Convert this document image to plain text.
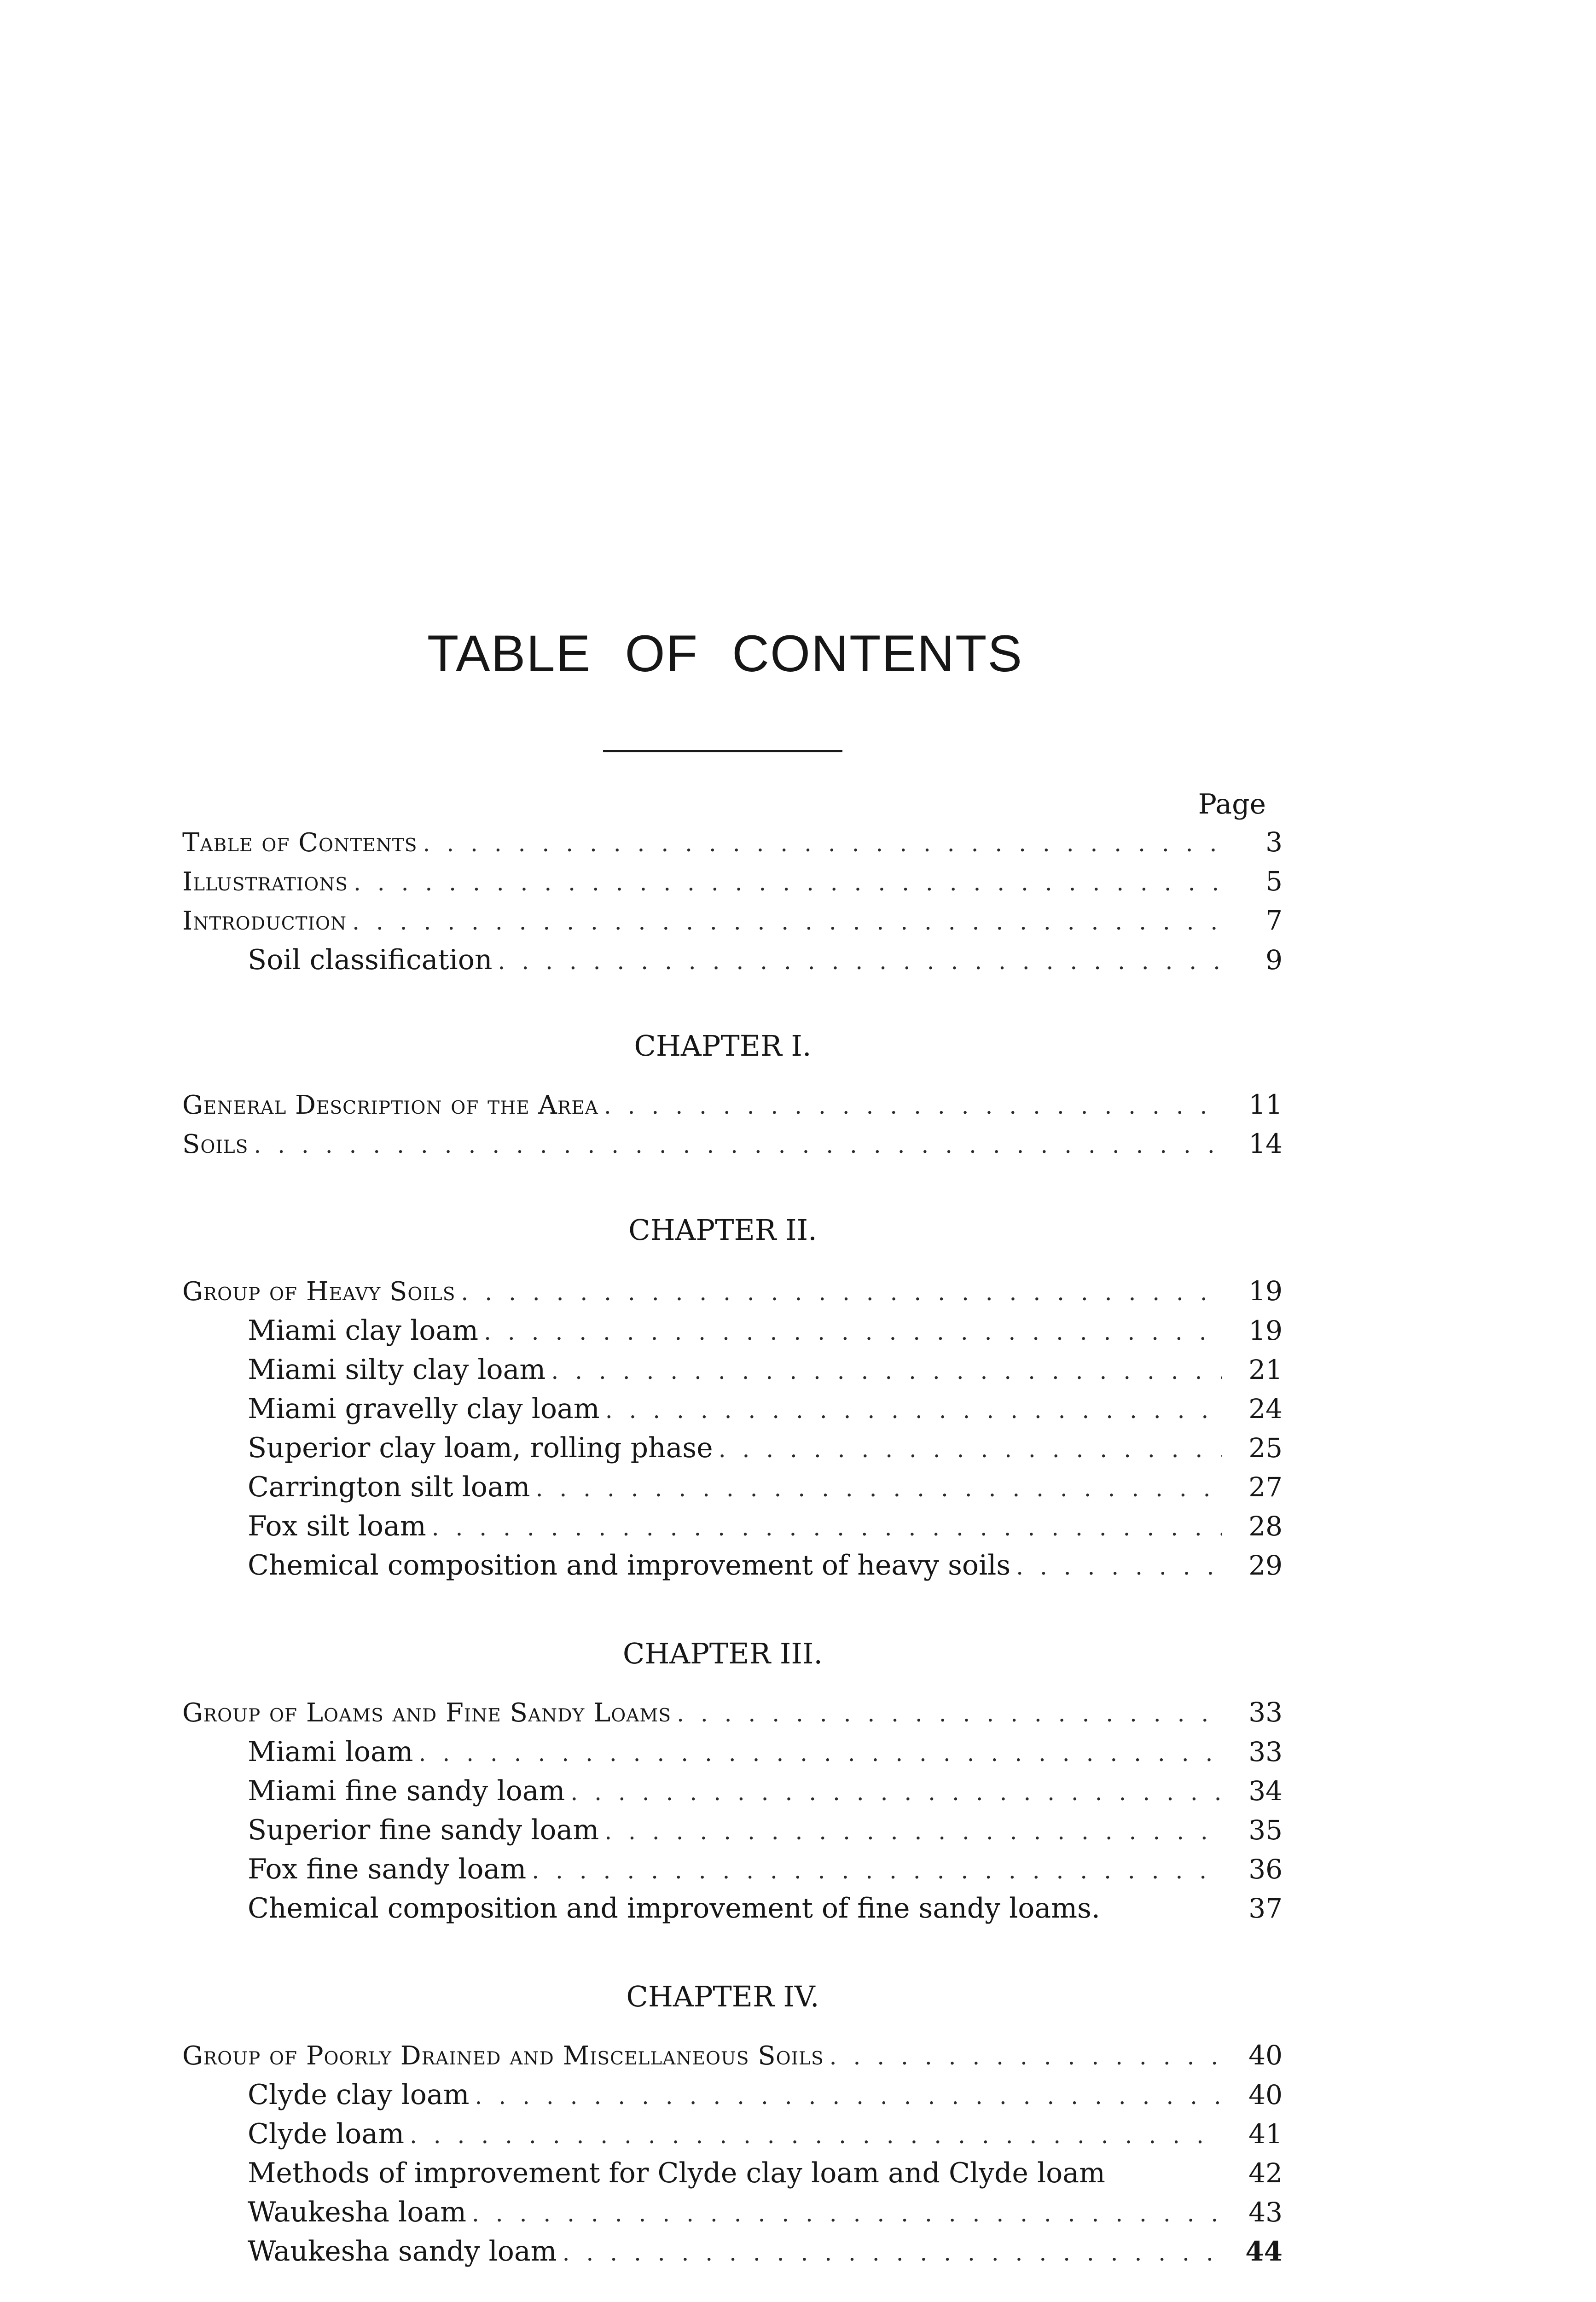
TABLE OF CONTENTS
Page
Table of Contents . . .	3
Illustrations . . .	5
Introduction . . .	7
Soil classification . . .	9
CHAPTER I.
General Description of the Area . . .	11
Soils . . .	14
CHAPTER II.
Group of Heavy Soils . . .	19
Miami clay loam . . .	19
Miami silty clay loam . . .	21
Miami gravelly clay loam . . .	24
Superior clay loam, rolling phase . . .	25
Carrington silt loam . . .	27
Fox silt loam . . .	28
Chemical composition and improvement of heavy soils . . .	29
CHAPTER III.
Group of Loams and Fine Sandy Loams . . .	33
Miami loam . . .	33
Miami fine sandy loam . . .	34
Superior fine sandy loam . . .	35
Fox fine sandy loam . . .	36
Chemical composition and improvement of fine sandy loams.	37
CHAPTER IV.
Group of Poorly Drained and Miscellaneous Soils . . .	40
Clyde clay loam . . .	40
Clyde loam . . .	41
Methods of improvement for Clyde clay loam and Clyde loam	42
Waukesha loam . . .	43
Waukesha sandy loam . . .	44
